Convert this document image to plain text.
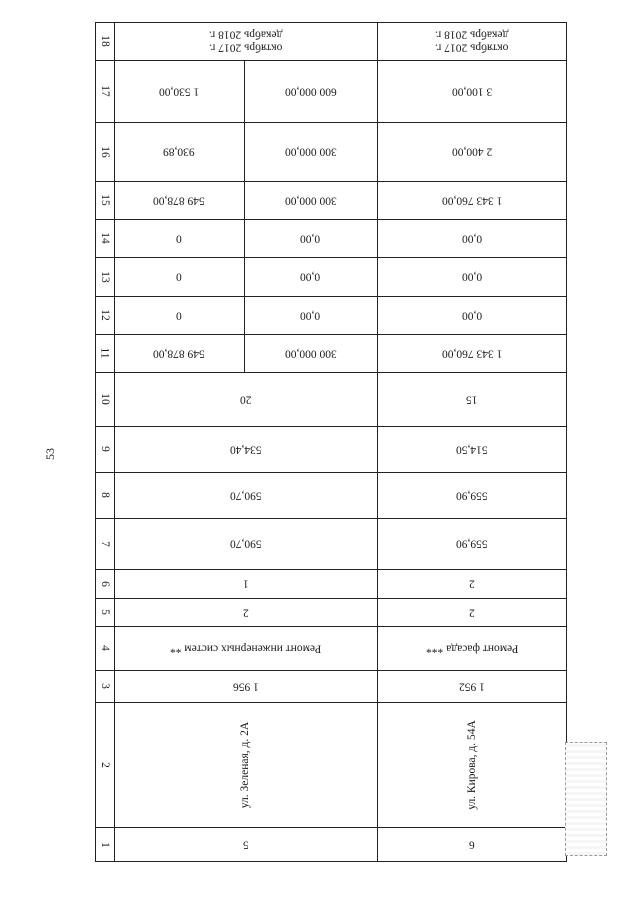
53
18
17
16
15
14
13
12
11
10
9
8
7
6
5
4
3
2
1
октябрь 2017 г.
декабрь 2018 г.
600 000,00
1 530,00
300 000,00
930,89
300 000,00
549 878,00
0,00
0
0,00
0
0,00
0
300 000,00
549 878,00
20
534,40
590,70
590,70
1
2
Ремонт инженерных систем **
1 956
ул. Зеленая, д. 2А
5
октябрь 2017 г.
декабрь 2018 г.
3 100,00
2 400,00
1 343 760,00
0,00
0,00
0,00
1 343 760,00
15
514,50
559,90
559,90
2
2
Ремонт фасада ***
1 952
ул. Кирова, д. 54А
6
